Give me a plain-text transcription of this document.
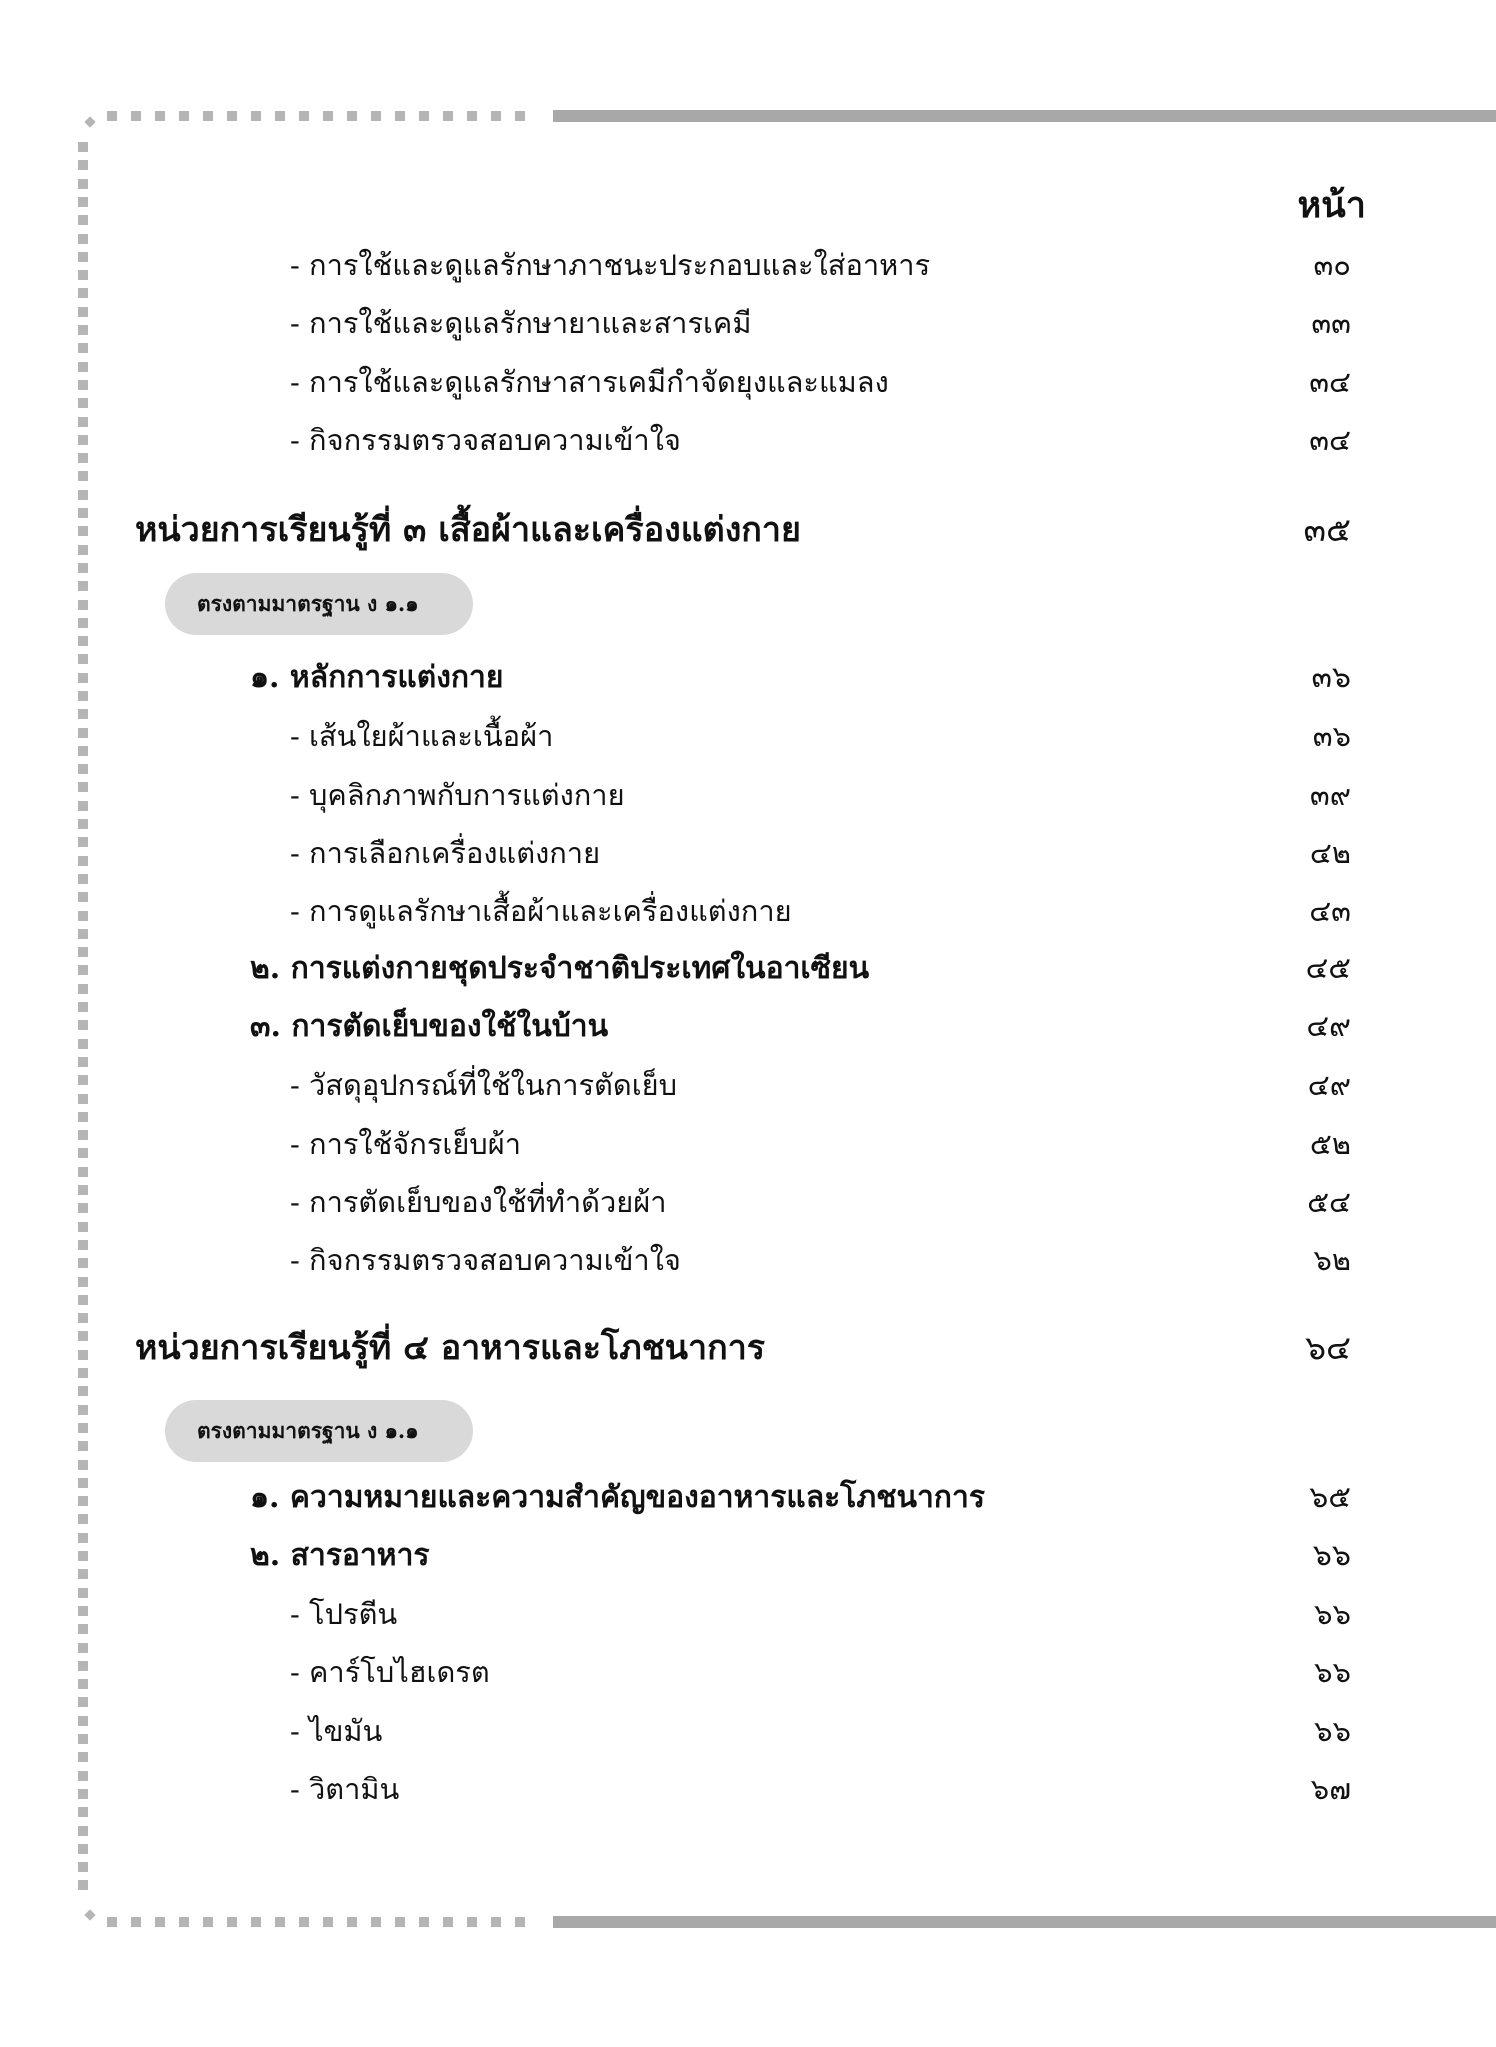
หน้า
- การใช้และดูแลรักษาภาชนะประกอบและใส่อาหาร	๓๐
- การใช้และดูแลรักษายาและสารเคมี	๓๓
- การใช้และดูแลรักษาสารเคมีกำจัดยุงและแมลง	๓๔
- กิจกรรมตรวจสอบความเข้าใจ	๓๔
หน่วยการเรียนรู้ที่ ๓ เสื้อผ้าและเครื่องแต่งกาย	๓๕
ตรงตามมาตรฐาน ง ๑.๑
๑. หลักการแต่งกาย	๓๖
- เส้นใยผ้าและเนื้อผ้า	๓๖
- บุคลิกภาพกับการแต่งกาย	๓๙
- การเลือกเครื่องแต่งกาย	๔๒
- การดูแลรักษาเสื้อผ้าและเครื่องแต่งกาย	๔๓
๒. การแต่งกายชุดประจำชาติประเทศในอาเซียน	๔๕
๓. การตัดเย็บของใช้ในบ้าน	๔๙
- วัสดุอุปกรณ์ที่ใช้ในการตัดเย็บ	๔๙
- การใช้จักรเย็บผ้า	๕๒
- การตัดเย็บของใช้ที่ทำด้วยผ้า	๕๔
- กิจกรรมตรวจสอบความเข้าใจ	๖๒
หน่วยการเรียนรู้ที่ ๔ อาหารและโภชนาการ	๖๔
ตรงตามมาตรฐาน ง ๑.๑
๑. ความหมายและความสำคัญของอาหารและโภชนาการ	๖๕
๒. สารอาหาร	๖๖
- โปรตีน	๖๖
- คาร์โบไฮเดรต	๖๖
- ไขมัน	๖๖
- วิตามิน	๖๗
